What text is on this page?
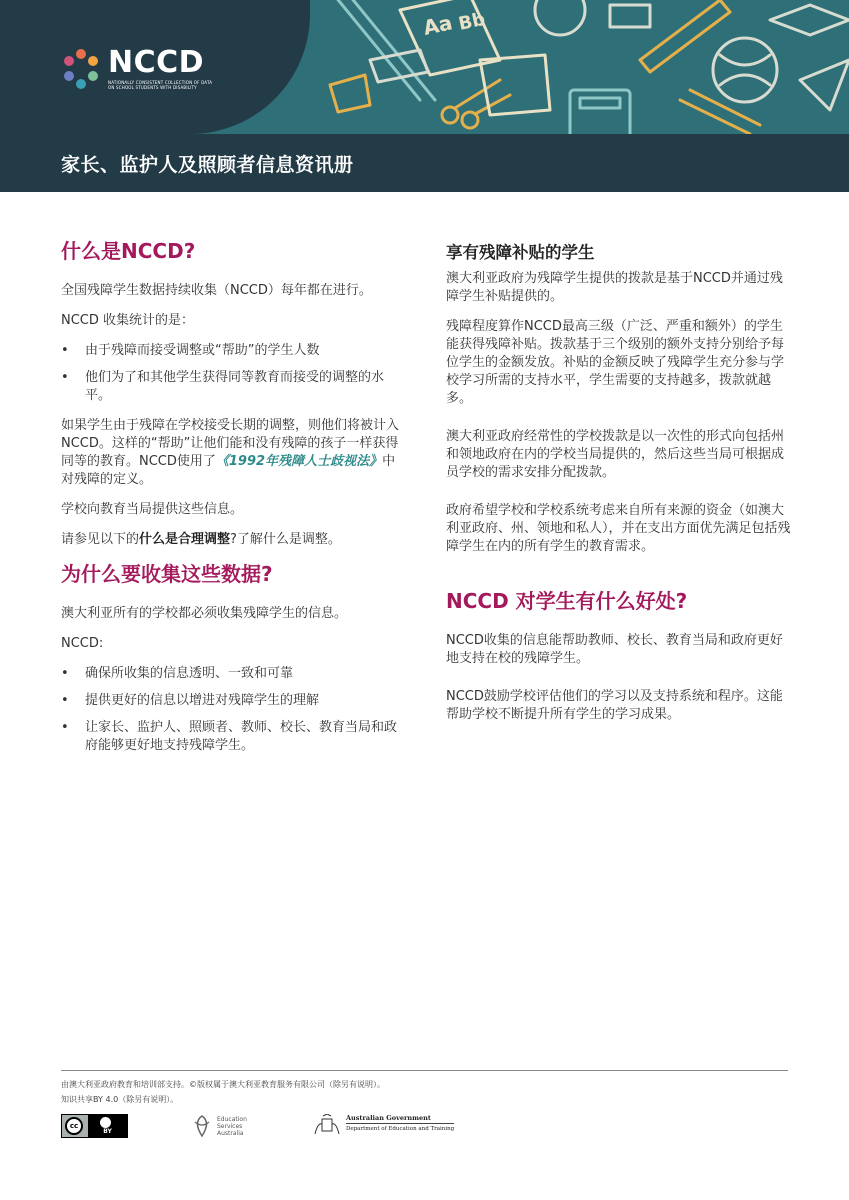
Aa Bb
NCCD
NATIONALLY CONSISTENT COLLECTION OF DATA ON SCHOOL STUDENTS WITH DISABILITY
家长、监护人及照顾者信息资讯册
什么是NCCD?

全国残障学生数据持续收集（NCCD）每年都在进行。

NCCD 收集统计的是：

• 由于残障而接受调整或“帮助”的学生人数
• 他们为了和其他学生获得同等教育而接受的调整的水平。

如果学生由于残障在学校接受长期的调整，则他们将被计入NCCD。这样的“帮助”让他们能和没有残障的孩子一样获得同等的教育。NCCD使用了《1992年残障人士歧视法》中对残障的定义。

学校向教育当局提供这些信息。

请参见以下的什么是合理调整?了解什么是调整。

为什么要收集这些数据?

澳大利亚所有的学校都必须收集残障学生的信息。

NCCD:

• 确保所收集的信息透明、一致和可靠
• 提供更好的信息以增进对残障学生的理解
• 让家长、监护人、照顾者、教师、校长、教育当局和政府能够更好地支持残障学生。
享有残障补贴的学生

澳大利亚政府为残障学生提供的拨款是基于NCCD并通过残障学生补贴提供的。

残障程度算作NCCD最高三级（广泛、严重和额外）的学生能获得残障补贴。拨款基于三个级别的额外支持分别给予每位学生的金额发放。补贴的金额反映了残障学生充分参与学校学习所需的支持水平，学生需要的支持越多，拨款就越多。

澳大利亚政府经常性的学校拨款是以一次性的形式向包括州和领地政府在内的学校当局提供的，然后这些当局可根据成员学校的需求安排分配拨款。

政府希望学校和学校系统考虑来自所有来源的资金（如澳大利亚政府、州、领地和私人），并在支出方面优先满足包括残障学生在内的所有学生的教育需求。

NCCD 对学生有什么好处?

NCCD收集的信息能帮助教师、校长、教育当局和政府更好地支持在校的残障学生。

NCCD鼓励学校评估他们的学习以及支持系统和程序。这能帮助学校不断提升所有学生的学习成果。

由澳大利亚政府教育和培训部支持。©版权属于澳大利亚教育服务有限公司（除另有说明）。
知识共享BY 4.0（除另有说明）。
cc
BY
Education Services Australia
Australian Government
Department of Education and Training
